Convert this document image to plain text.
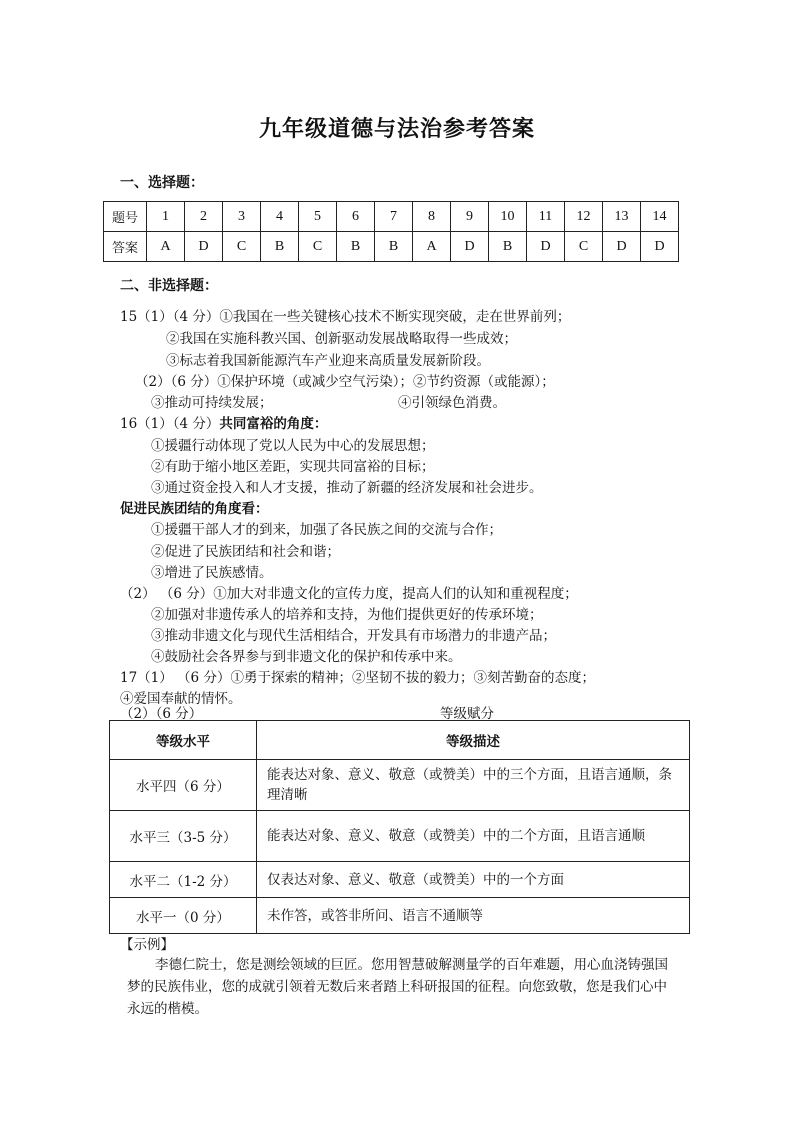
九年级道德与法治参考答案
一、选择题：
题号	1	2	3	4	5	6	7	8	9	10	11	12	13	14
答案	A	D	C	B	C	B	B	A	D	B	D	C	D	D
二、非选择题：
15（1）（4 分）①我国在一些关键核心技术不断实现突破，走在世界前列；
②我国在实施科教兴国、创新驱动发展战略取得一些成效；
③标志着我国新能源汽车产业迎来高质量发展新阶段。
（2）（6 分）①保护环境（或减少空气污染）；②节约资源（或能源）；
③推动可持续发展；	④引领绿色消费。
16（1）（4 分）共同富裕的角度：
①援疆行动体现了党以人民为中心的发展思想；
②有助于缩小地区差距，实现共同富裕的目标；
③通过资金投入和人才支援，推动了新疆的经济发展和社会进步。
促进民族团结的角度看：
①援疆干部人才的到来，加强了各民族之间的交流与合作；
②促进了民族团结和社会和谐；
③增进了民族感情。
（2） （6 分）①加大对非遗文化的宣传力度，提高人们的认知和重视程度；
②加强对非遗传承人的培养和支持，为他们提供更好的传承环境；
③推动非遗文化与现代生活相结合，开发具有市场潜力的非遗产品；
④鼓励社会各界参与到非遗文化的保护和传承中来。
17（1） （6 分）①勇于探索的精神；②坚韧不拔的毅力；③刻苦勤奋的态度；
④爱国奉献的情怀。
（2）（6 分）	等级赋分
等级水平	等级描述
水平四（6 分）	能表达对象、意义、敬意（或赞美）中的三个方面，且语言通顺，条理清晰
水平三（3-5 分）	能表达对象、意义、敬意（或赞美）中的二个方面，且语言通顺
水平二（1-2 分）	仅表达对象、意义、敬意（或赞美）中的一个方面
水平一（0 分）	未作答，或答非所问、语言不通顺等
【示例】
李德仁院士，您是测绘领域的巨匠。您用智慧破解测量学的百年难题，用心血浇铸强国梦的民族伟业，您的成就引领着无数后来者踏上科研报国的征程。向您致敬，您是我们心中永远的楷模。
